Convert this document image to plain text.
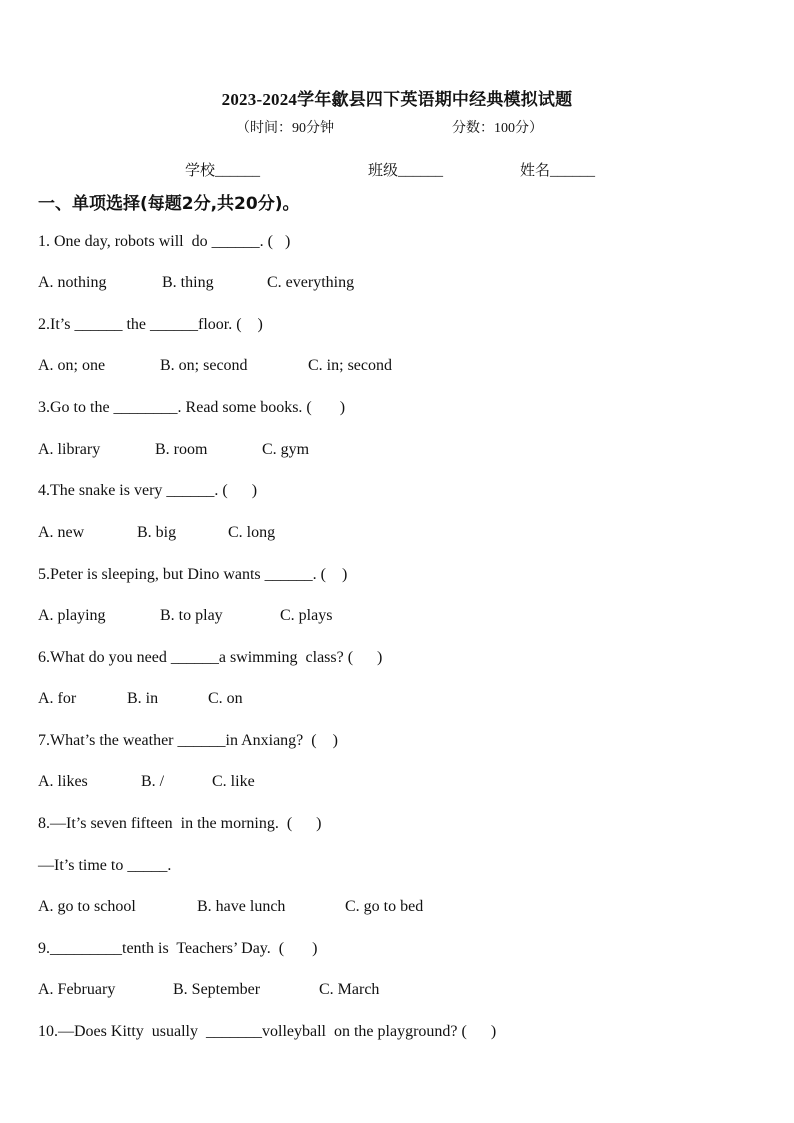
2023-2024学年歙县四下英语期中经典模拟试题
（时间：90分钟	分数：100分）
学校______	班级______	姓名______
一、单项选择(每题2分,共20分)。
1. One day, robots will  do ______. (   )
A. nothing	B. thing	C. everything
2.It’s ______ the ______floor. (    )
A. on; one	B. on; second	C. in; second
3.Go to the ________. Read some books. (       )
A. library	B. room	C. gym
4.The snake is very ______. (      )
A. new	B. big	C. long
5.Peter is sleeping, but Dino wants ______. (    )
A. playing	B. to play	C. plays
6.What do you need ______a swimming  class? (      )
A. for	B. in	C. on
7.What’s the weather ______in Anxiang?  (    )
A. likes	B. /	C. like
8.—It’s seven fifteen  in the morning.  (      )
—It’s time to _____.
A. go to school	B. have lunch	C. go to bed
9._________tenth is  Teachers’ Day.  (       )
A. February	B. September	C. March
10.—Does Kitty  usually  _______volleyball  on the playground? (      )
